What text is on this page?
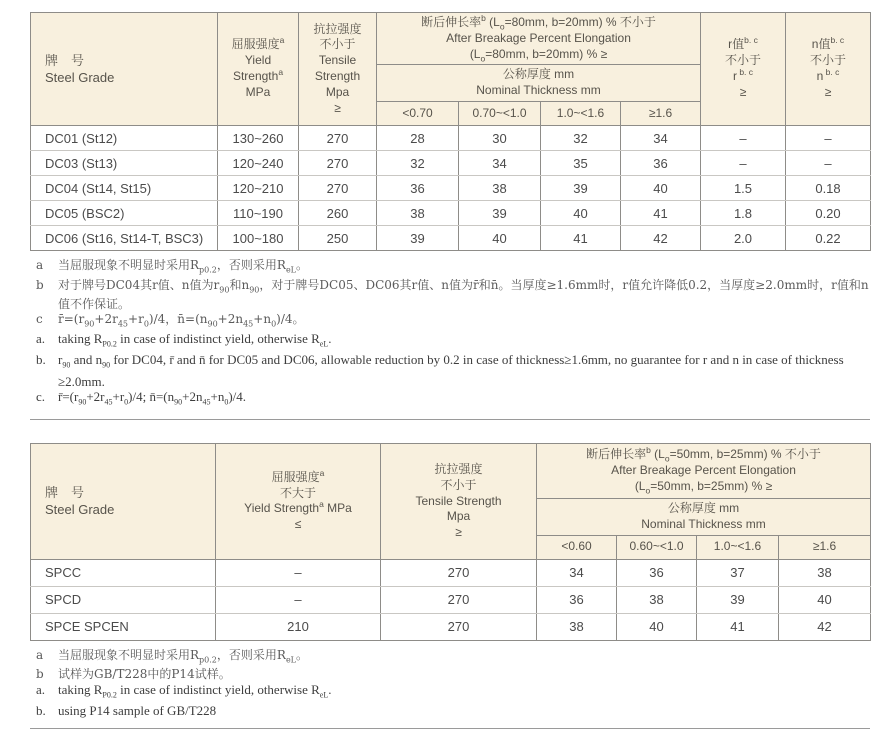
牌　号
Steel Grade	屈服强度$^a$
Yield
Strength$^a$
MPa	抗拉强度
不小于
Tensile
Strength
Mpa
≥	断后伸长率$^b$ ($L_o=80mm$, b=20mm) % 不小于
After Breakage Percent Elongation
($L_o=80mm$, b=20mm) % ≥	r值$^{b. c}$
不小于
r $^{b. c}$
≥	n值$^{b. c}$
不小于
n $^{b. c}$
≥
			公称厚度 mm
Nominal Thickness mm					
			<0.70	0.70~<1.0	1.0~<1.6	≥1.6		
DC01 (St12)	130~260	270	28	30	32	34	–	–
DC03 (St13)	120~240	270	32	34	35	36	–	–
DC04 (St14, St15)	120~210	270	36	38	39	40	1.5	0.18
DC05 (BSC2)	110~190	260	38	39	40	41	1.8	0.20
DC06 (St16, St14-T, BSC3)	100~180	250	39	40	41	42	2.0	0.22
a	当屈服现象不明显时采用$R_{p0.2}$，否则采用$R_{eL}$。
b	对于牌号DC04其r值、n值为$r_{90}$和$n_{90}$，对于牌号DC05、DC06其r值、n值为r̄和n̄。当厚度≥1.6mm时，r值允许降低0.2，当厚度≥2.0mm时，r值和n值不作保证。
c	$r̄=(r_{90}+2r_{45}+r_0)/4$，$n̄=(n_{90}+2n_{45}+n_0)/4$。
a. taking $R_{P0.2}$ in case of indistinct yield, otherwise $R_{eL}$.
b. $r_{90}$ and $n_{90}$ for DC04, r̄ and n̄ for DC05 and DC06, allowable reduction by 0.2 in case of thickness≥1.6mm, no guarantee for r and n in case of thickness ≥2.0mm.
c. $r̄=(r_{90}+2r_{45}+r_0)/4$; $n̄=(n_{90}+2n_{45}+n_0)/4$.
牌　号
Steel Grade	屈服强度$^a$
不大于
Yield Strength$^a$ MPa
≤	抗拉强度
不小于
Tensile Strength
Mpa
≥	断后伸长率$^b$ ($L_o=50mm$, b=25mm) % 不小于
After Breakage Percent Elongation
($L_o=50mm$, b=25mm) % ≥			
			公称厚度 mm
Nominal Thickness mm			
			<0.60	0.60~<1.0	1.0~<1.6	≥1.6
SPCC	–	270	34	36	37	38
SPCD	–	270	36	38	39	40
SPCE SPCEN	210	270	38	40	41	42
a	当屈服现象不明显时采用$R_{p0.2}$，否则采用$R_{eL}$。
b	试样为GB/T228中的P14试样。
a. taking $R_{P0.2}$ in case of indistinct yield, otherwise $R_{eL}$.
b. using P14 sample of GB/T228
